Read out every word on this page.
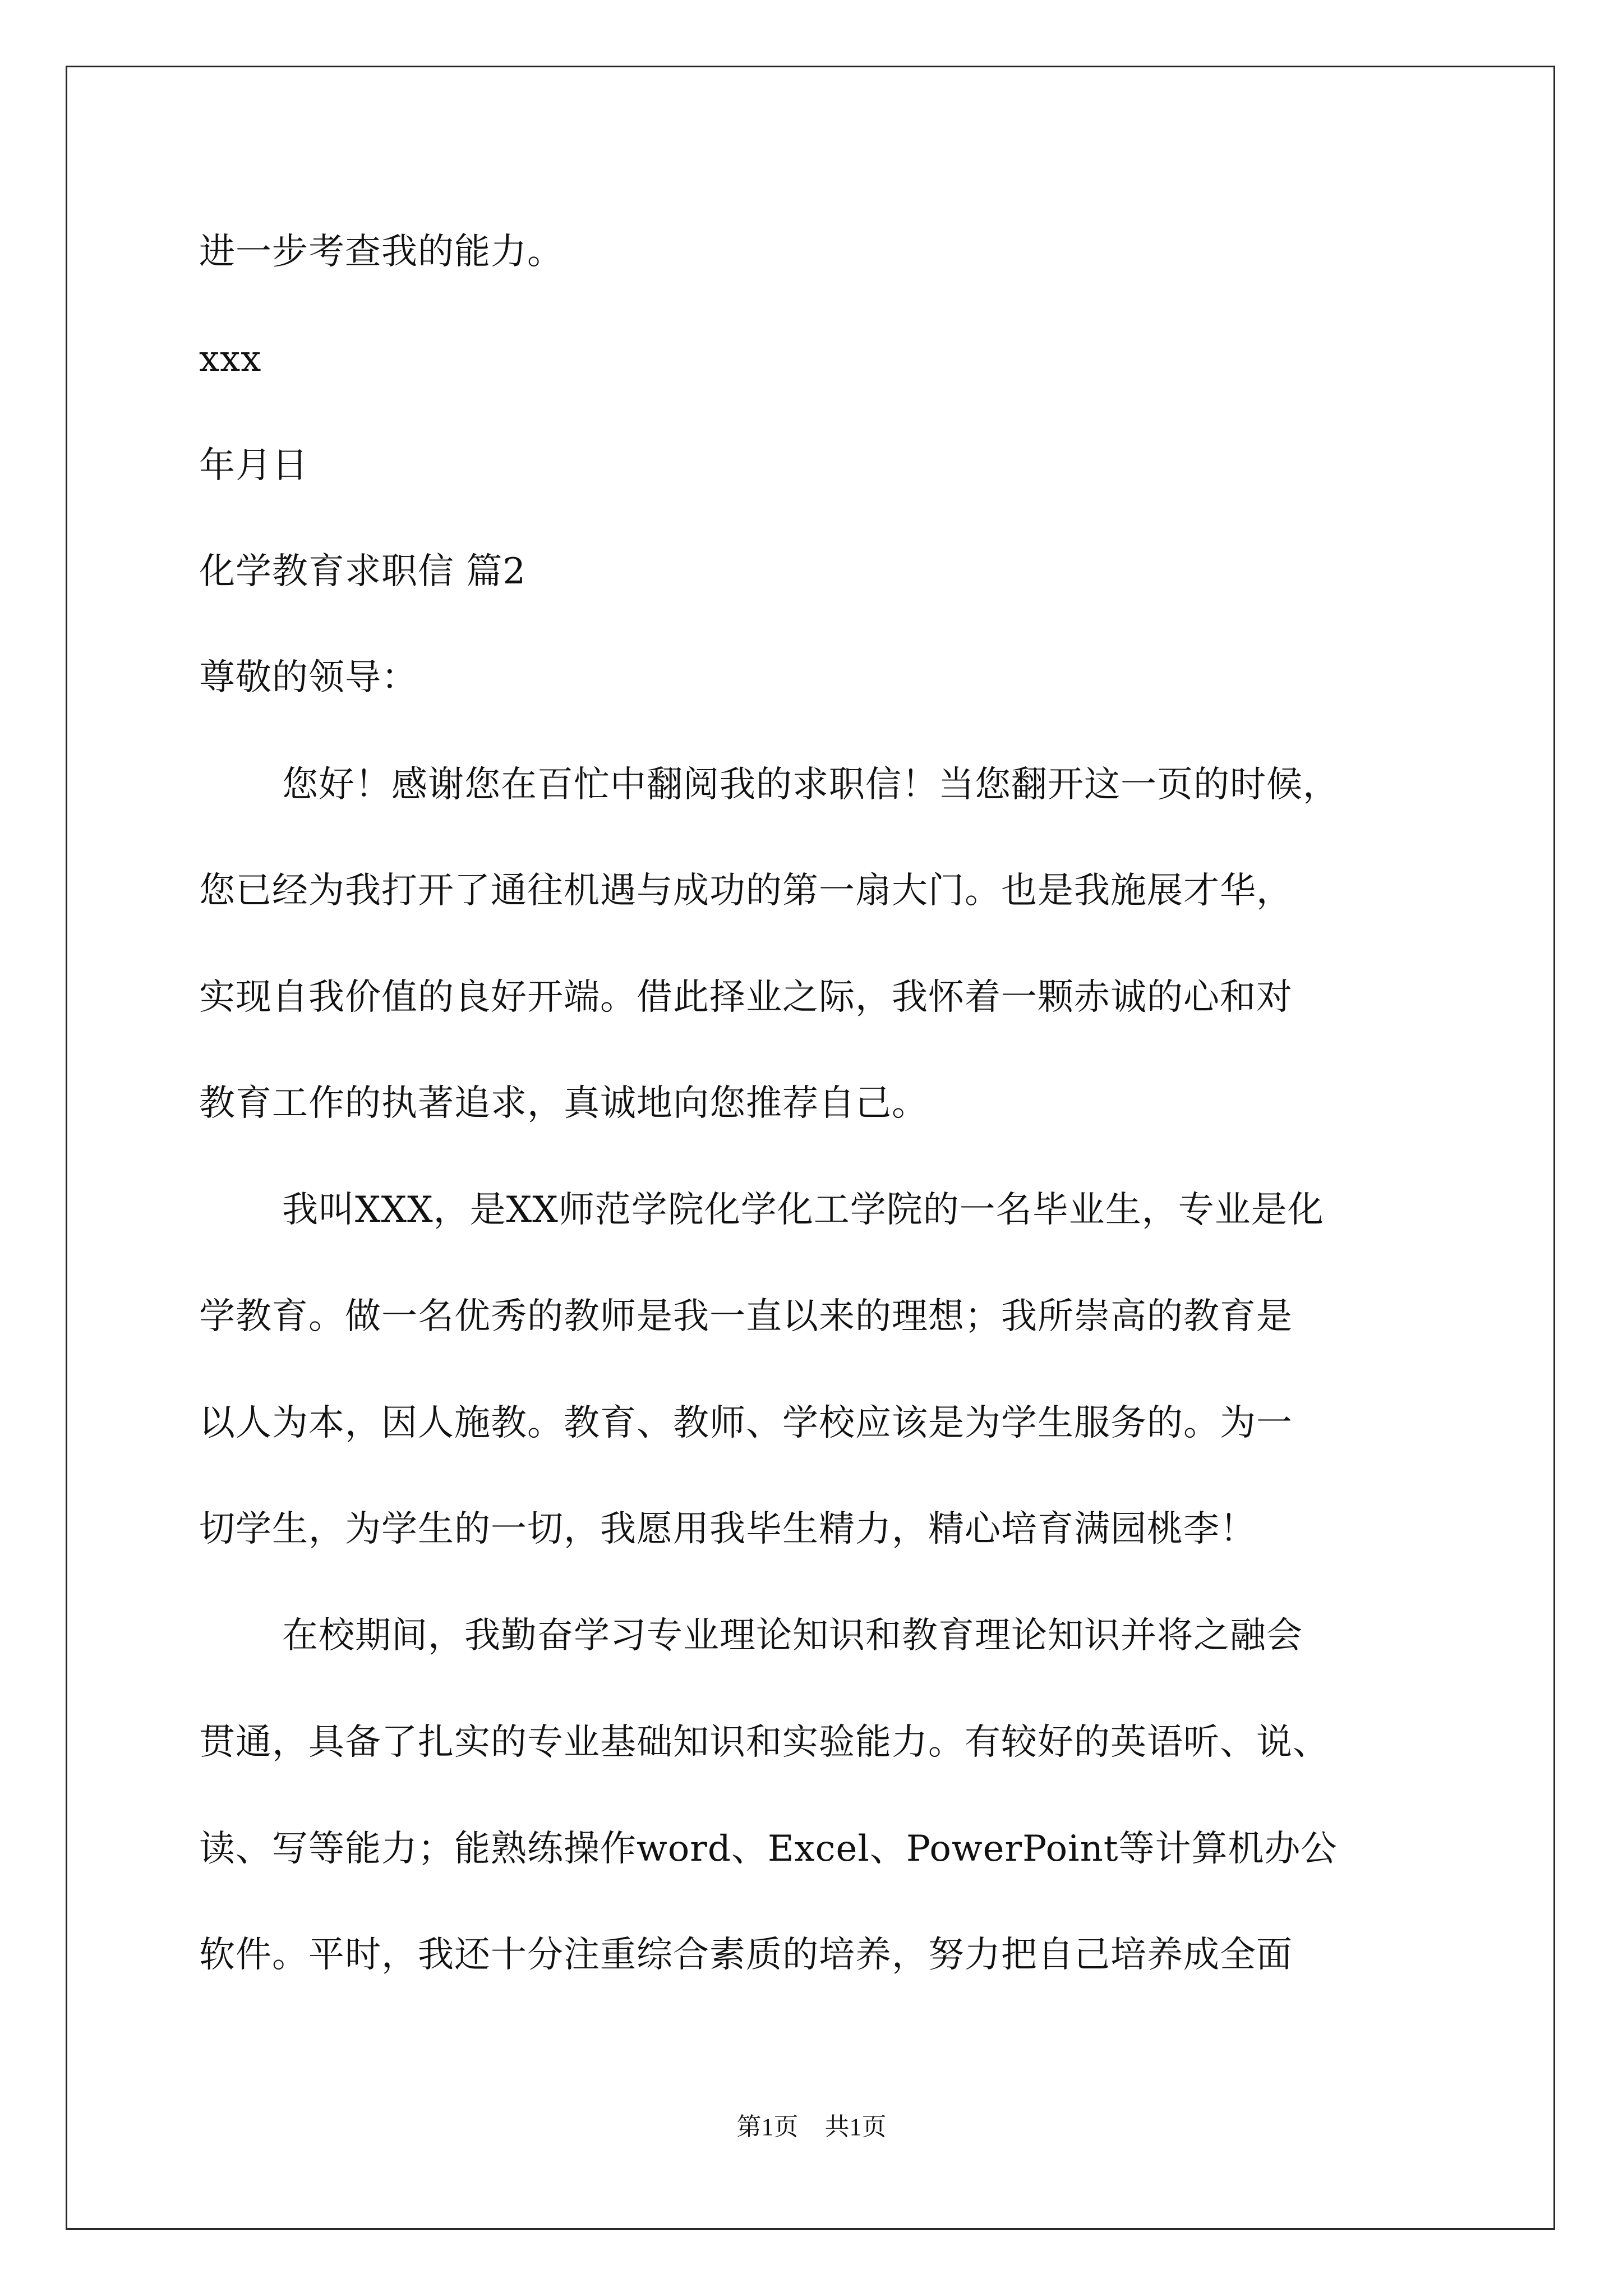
进一步考查我的能力。
xxx
年月日
化学教育求职信 篇2
尊敬的领导：
您好！感谢您在百忙中翻阅我的求职信！当您翻开这一页的时候，
您已经为我打开了通往机遇与成功的第一扇大门。也是我施展才华，
实现自我价值的良好开端。借此择业之际，我怀着一颗赤诚的心和对
教育工作的执著追求，真诚地向您推荐自己。
我叫XXX，是XX师范学院化学化工学院的一名毕业生，专业是化
学教育。做一名优秀的教师是我一直以来的理想；我所崇高的教育是
以人为本，因人施教。教育、教师、学校应该是为学生服务的。为一
切学生，为学生的一切，我愿用我毕生精力，精心培育满园桃李！
在校期间，我勤奋学习专业理论知识和教育理论知识并将之融会
贯通，具备了扎实的专业基础知识和实验能力。有较好的英语听、说、
读、写等能力；能熟练操作word、Excel、PowerPoint等计算机办公
软件。平时，我还十分注重综合素质的培养，努力把自己培养成全面
第1页 共1页
